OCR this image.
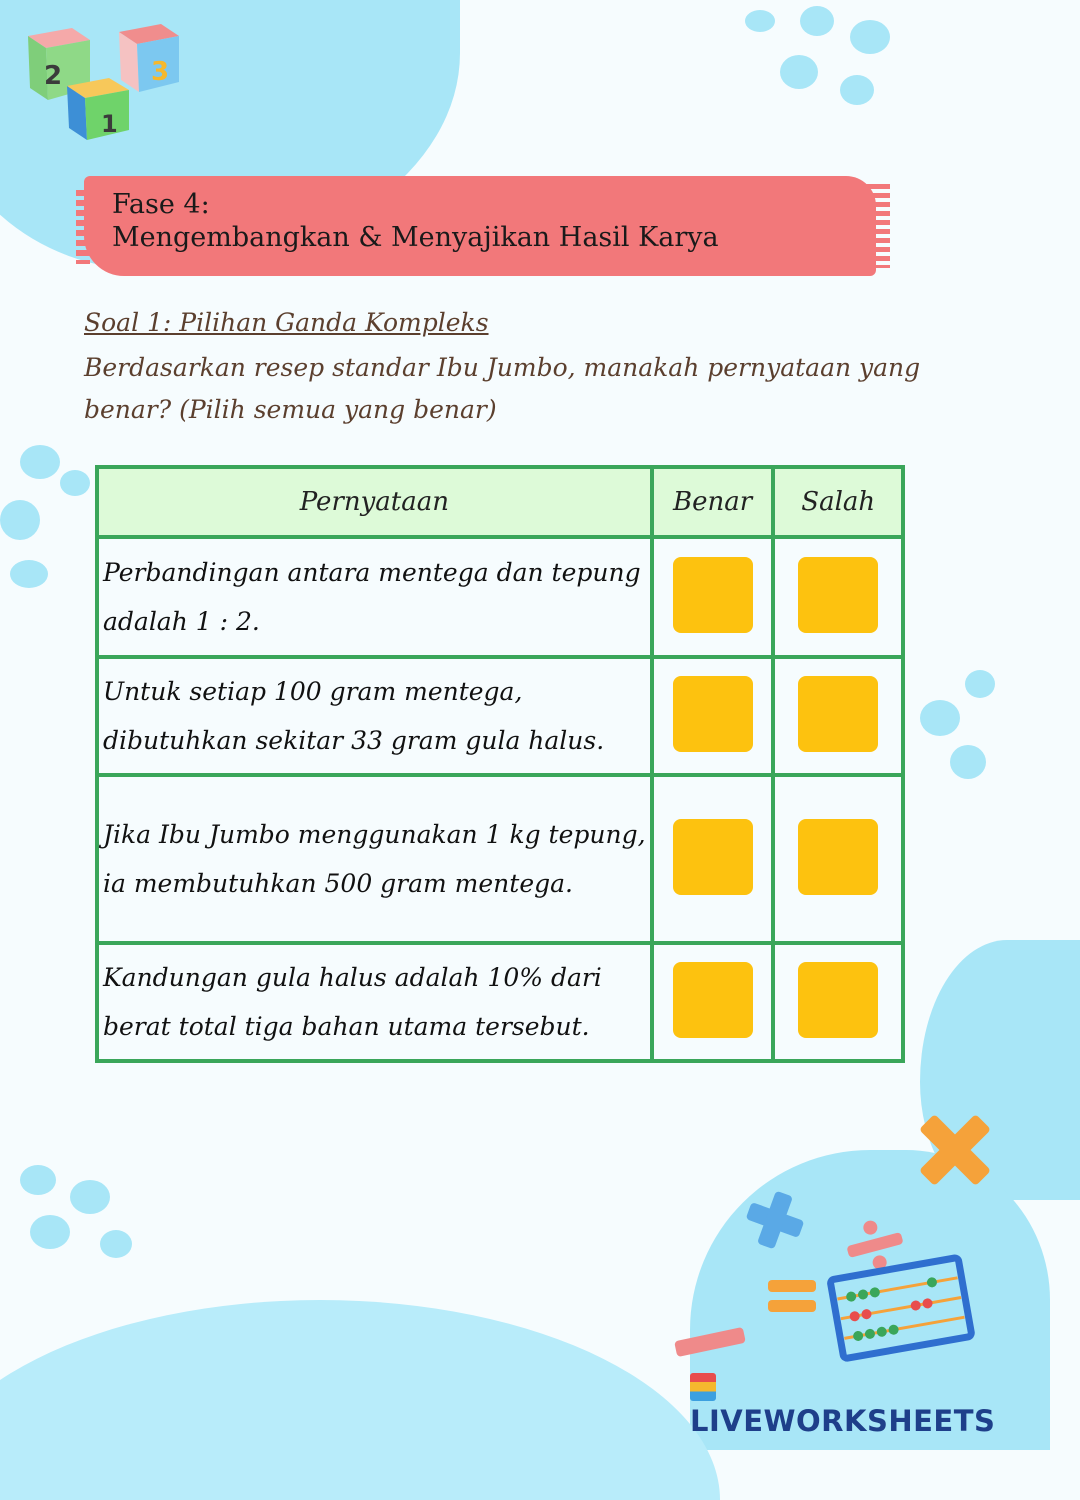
2	3
1
Fase 4:
Mengembangkan & Menyajikan Hasil Karya
Soal 1: Pilihan Ganda Kompleks
Berdasarkan resep standar Ibu Jumbo, manakah pernyataan yang benar? (Pilih semua yang benar)
Pernyataan	Benar	Salah
Perbandingan antara mentega dan tepung adalah 1 : 2.		
Untuk setiap 100 gram mentega, dibutuhkan sekitar 33 gram gula halus.		
Jika Ibu Jumbo menggunakan 1 kg tepung, ia membutuhkan 500 gram mentega.		
Kandungan gula halus adalah 10% dari berat total tiga bahan utama tersebut.		
LIVEWORKSHEETS
